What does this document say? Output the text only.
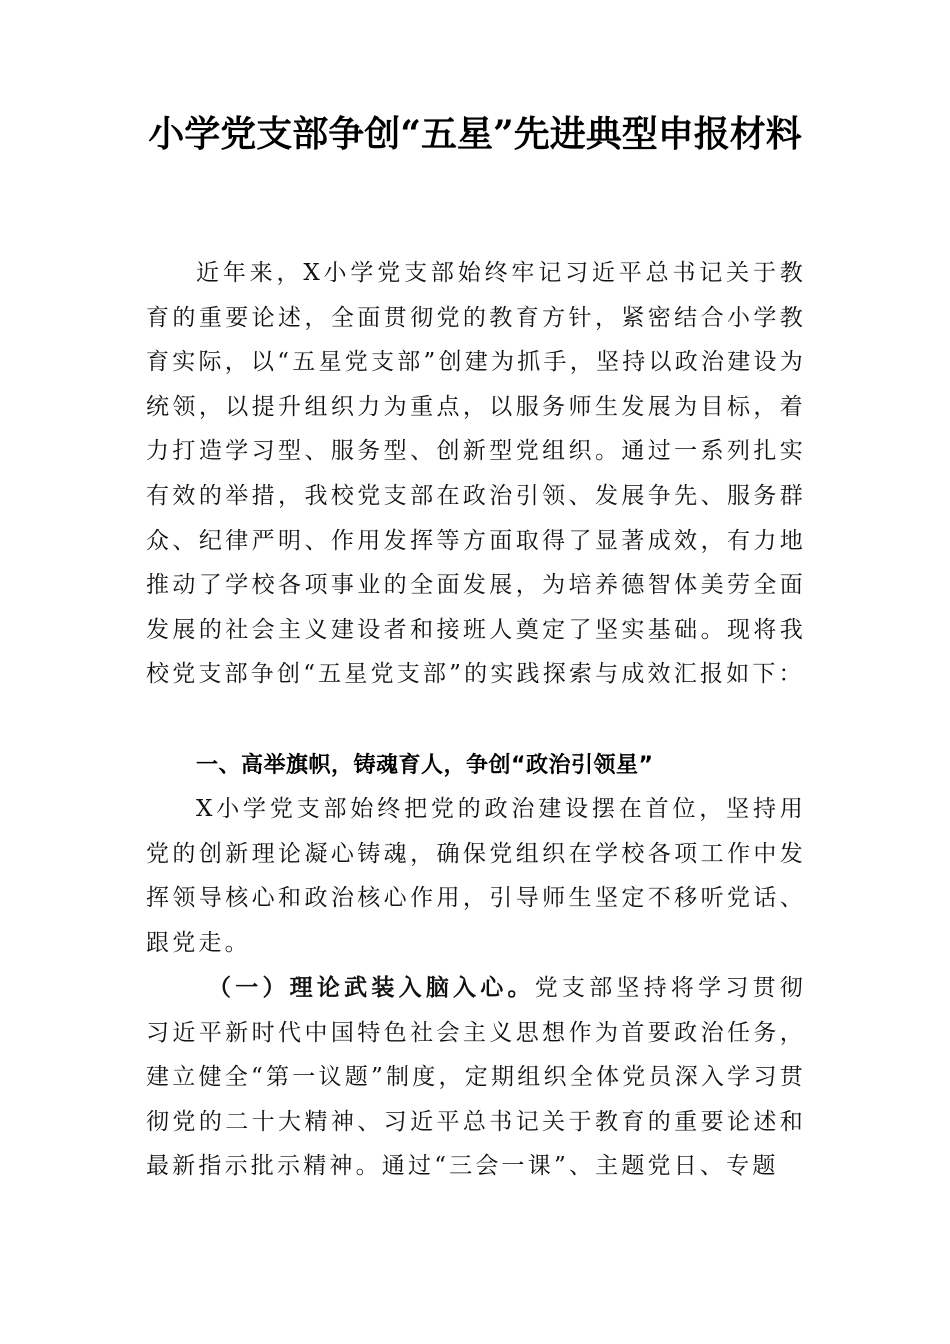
小学党支部争创“五星”先进典型申报材料

近年来，X小学党支部始终牢记习近平总书记关于教育的重要论述，全面贯彻党的教育方针，紧密结合小学教育实际，以“五星党支部”创建为抓手，坚持以政治建设为统领，以提升组织力为重点，以服务师生发展为目标，着力打造学习型、服务型、创新型党组织。通过一系列扎实有效的举措，我校党支部在政治引领、发展争先、服务群众、纪律严明、作用发挥等方面取得了显著成效，有力地推动了学校各项事业的全面发展，为培养德智体美劳全面发展的社会主义建设者和接班人奠定了坚实基础。现将我校党支部争创“五星党支部”的实践探索与成效汇报如下：

一、高举旗帜，铸魂育人，争创“政治引领星”

X小学党支部始终把党的政治建设摆在首位，坚持用党的创新理论凝心铸魂，确保党组织在学校各项工作中发挥领导核心和政治核心作用，引导师生坚定不移听党话、跟党走。

（一）理论武装入脑入心。党支部坚持将学习贯彻习近平新时代中国特色社会主义思想作为首要政治任务，建立健全“第一议题”制度，定期组织全体党员深入学习贯彻党的二十大精神、习近平总书记关于教育的重要论述和最新指示批示精神。通过“三会一课”、主题党日、专题
